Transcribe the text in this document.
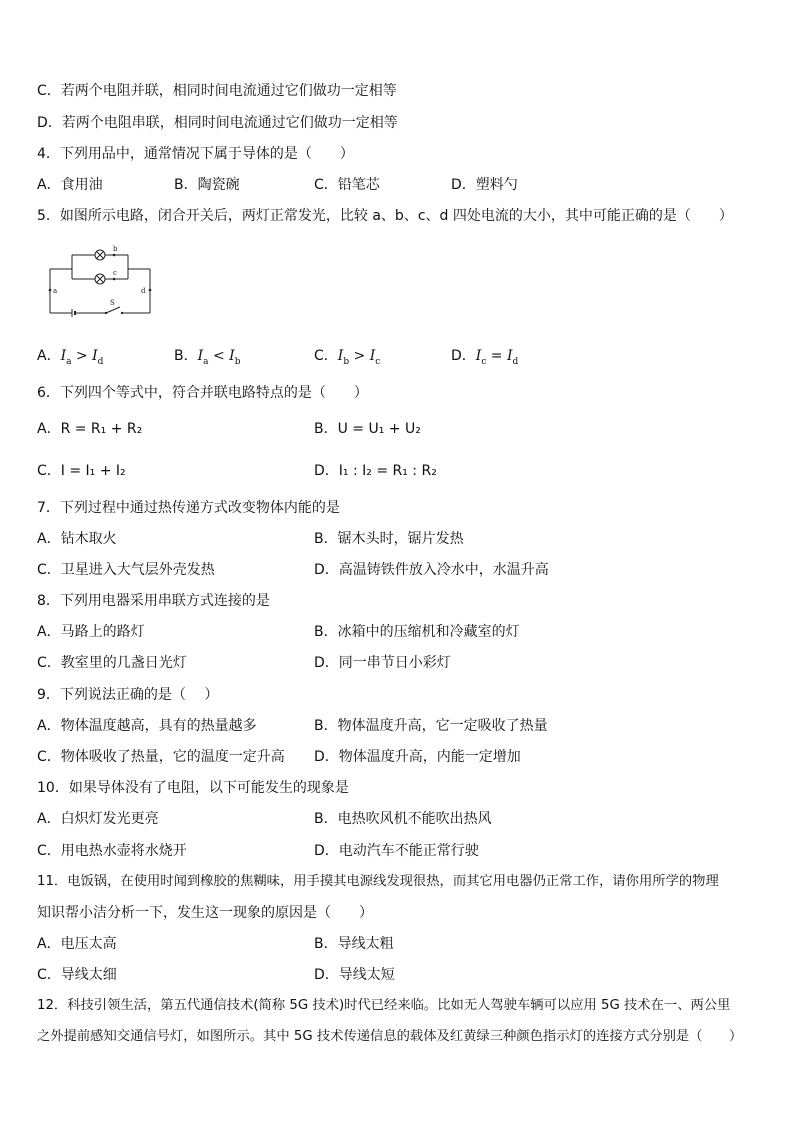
C．若两个电阻并联，相同时间电流通过它们做功一定相等
D．若两个电阻串联，相同时间电流通过它们做功一定相等
4．下列用品中，通常情况下属于导体的是（　　）
A．食用油	B．陶瓷碗	C．铅笔芯	D．塑料勺
5．如图所示电路，闭合开关后，两灯正常发光，比较 a、b、c、d 四处电流的大小，其中可能正确的是（　　）
b
c
a	d
S
A．$I_a > I_d$	B．$I_a < I_b$	C．$I_b > I_c$	D．$I_c = I_d$
6．下列四个等式中，符合并联电路特点的是（　　）
A．R = R₁ + R₂	B．U = U₁ + U₂
C．I = I₁ + I₂	D．I₁ : I₂ = R₁ : R₂
7．下列过程中通过热传递方式改变物体内能的是
A．钻木取火	B．锯木头时，锯片发热
C．卫星进入大气层外壳发热	D．高温铸铁件放入冷水中，水温升高
8．下列用电器采用串联方式连接的是
A．马路上的路灯	B．冰箱中的压缩机和冷藏室的灯
C．教室里的几盏日光灯	D．同一串节日小彩灯
9．下列说法正确的是（　 ）
A．物体温度越高，具有的热量越多	B．物体温度升高，它一定吸收了热量
C．物体吸收了热量，它的温度一定升高 D．物体温度升高，内能一定增加
10．如果导体没有了电阻，以下可能发生的现象是
A．白炽灯发光更亮	B．电热吹风机不能吹出热风
C．用电热水壶将水烧开	D．电动汽车不能正常行驶
11．电饭锅，在使用时闻到橡胶的焦糊味，用手摸其电源线发现很热，而其它用电器仍正常工作，请你用所学的物理
知识帮小洁分析一下，发生这一现象的原因是（　　）
A．电压太高	B．导线太粗
C．导线太细	D．导线太短
12．科技引领生活，第五代通信技术(简称 5G 技术)时代已经来临。比如无人驾驶车辆可以应用 5G 技术在一、两公里
之外提前感知交通信号灯，如图所示。其中 5G 技术传递信息的载体及红黄绿三种颜色指示灯的连接方式分别是（　　）
